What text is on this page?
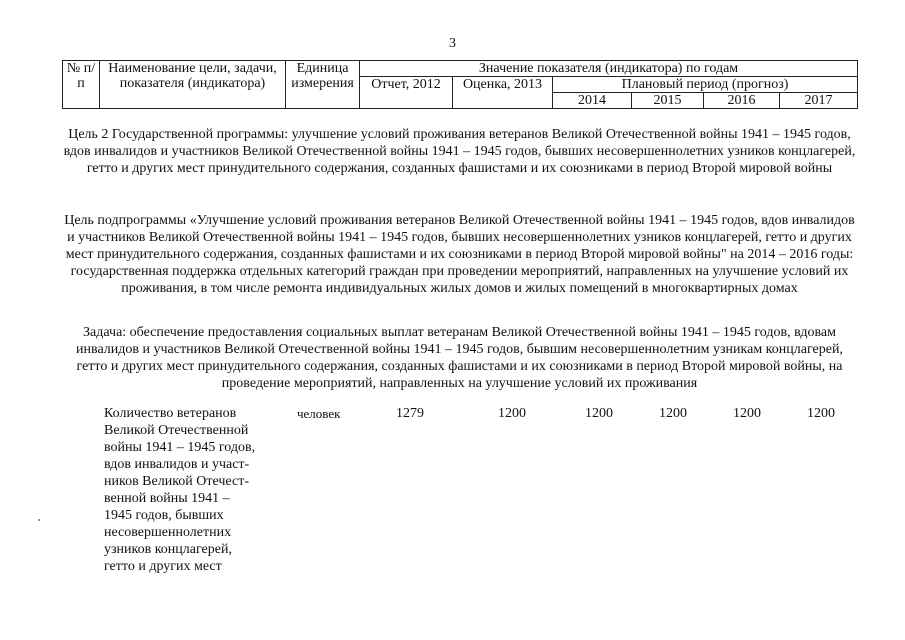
3
№ п/п	Наименование цели, задачи, показателя (индикатора)	Единица измерения	Значение показателя (индикатора) по годам					
			Отчет, 2012	Оценка, 2013	Плановый период (прогноз)			
					2014	2015	2016	2017
Цель 2 Государственной программы: улучшение условий проживания ветеранов Великой Отечественной войны 1941 – 1945 годов, вдов инвалидов и участников Великой Отечественной войны 1941 – 1945 годов, бывших несовершеннолетних узников концлагерей, гетто и других мест принудительного содержания, созданных фашистами и их союзниками в период Второй мировой войны
Цель подпрограммы «Улучшение условий проживания ветеранов Великой Отечественной войны 1941 – 1945 годов, вдов инвалидов и участников Великой Отечественной войны 1941 – 1945 годов, бывших несовершеннолетних узников концлагерей, гетто и других мест принудительного содержания, созданных фашистами и их союзниками в период Второй мировой войны" на 2014 – 2016 годы: государственная поддержка отдельных категорий граждан при проведении мероприятий, направленных на улучшение условий их проживания, в том числе ремонта индивидуальных жилых домов и жилых помещений в многоквартирных домах
Задача: обеспечение предоставления социальных выплат ветеранам Великой Отечественной войны 1941 – 1945 годов, вдовам инвалидов и участников Великой Отечественной войны 1941 – 1945 годов, бывшим несовершеннолетним узникам концлагерей, гетто и других мест принудительного содержания, созданных фашистами и их союзниками в период Второй мировой войны, на проведение мероприятий, направленных на улучшение условий их проживания
Количество ветеранов
Великой Отечественной
войны 1941 – 1945 годов,
вдов инвалидов и участ-
ников Великой Отечест-
венной войны 1941 –
1945 годов, бывших
несовершеннолетних
узников концлагерей,
гетто и других мест
человек	1279	1200	1200	1200	1200	1200
